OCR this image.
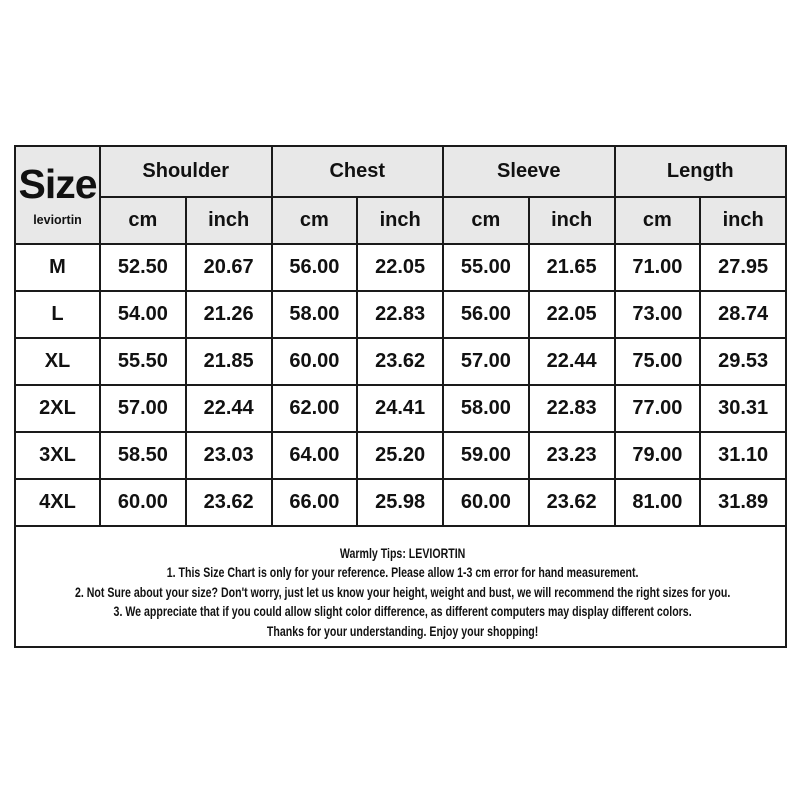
Size
leviortin	Shoulder		Chest		Sleeve		Length	
	cm	inch	cm	inch	cm	inch	cm	inch
M	52.50	20.67	56.00	22.05	55.00	21.65	71.00	27.95
L	54.00	21.26	58.00	22.83	56.00	22.05	73.00	28.74
XL	55.50	21.85	60.00	23.62	57.00	22.44	75.00	29.53
2XL	57.00	22.44	62.00	24.41	58.00	22.83	77.00	30.31
3XL	58.50	23.03	64.00	25.20	59.00	23.23	79.00	31.10
4XL	60.00	23.62	66.00	25.98	60.00	23.62	81.00	31.89

Warmly Tips: LEVIORTIN
1. This Size Chart is only for your reference. Please allow 1-3 cm error for hand measurement.
2. Not Sure about your size? Don't worry, just let us know your height, weight and bust, we will recommend the right sizes for you.
3. We appreciate that if you could allow slight color difference, as different computers may display different colors.
Thanks for your understanding. Enjoy your shopping!								
